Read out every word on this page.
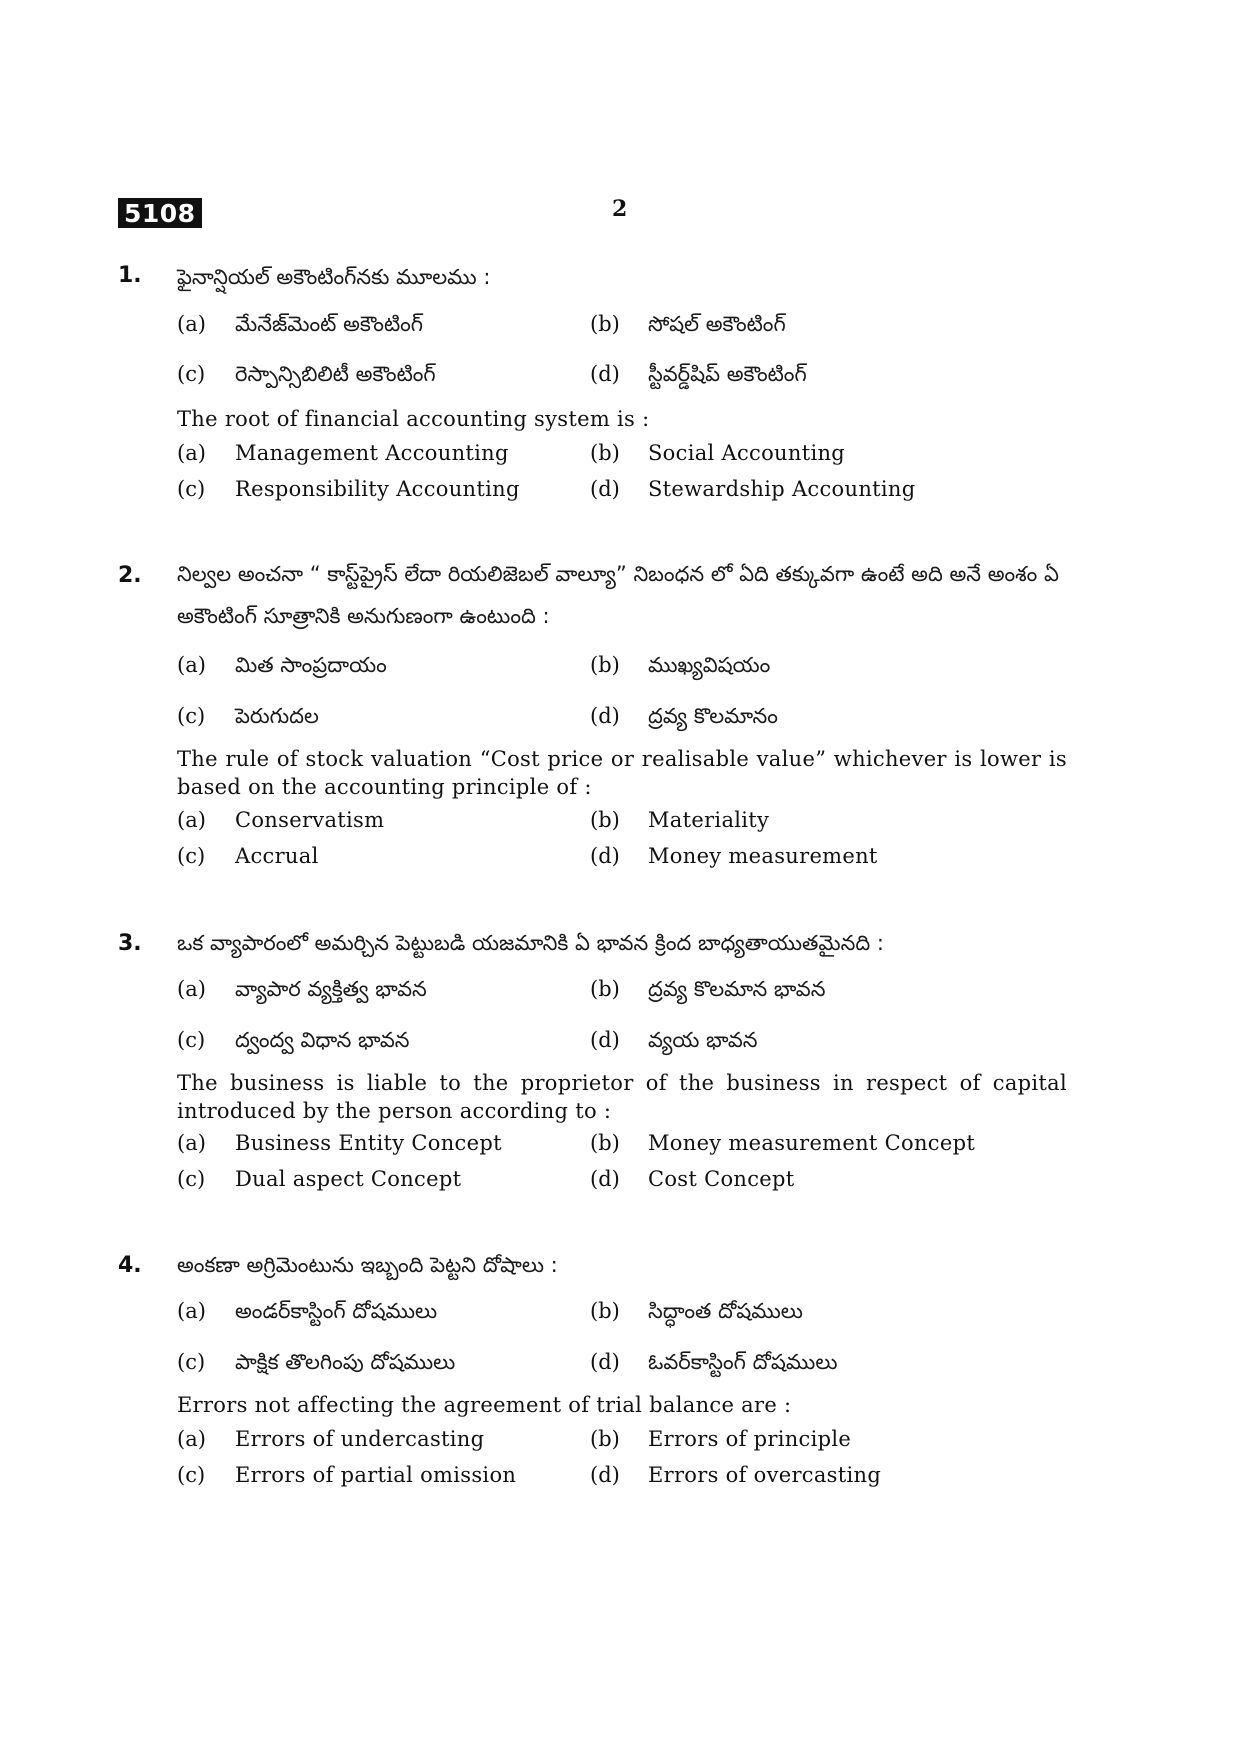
5108	2
1. ఫైనాన్షియల్ అకౌంటింగ్‌నకు మూలము :
(a) మేనేజ్‌మెంట్ అకౌంటింగ్	(b) సోషల్ అకౌంటింగ్
(c) రెస్పాన్సిబిలిటీ అకౌంటింగ్	(d) స్టీవర్డ్‌షిప్ అకౌంటింగ్
The root of financial accounting system is :
(a) Management Accounting	(b) Social Accounting
(c) Responsibility Accounting	(d) Stewardship Accounting
2. నిల్వల అంచనా “ కాస్ట్‌ప్రైస్ లేదా రియలిజెబల్ వాల్యూ” నిబంధన లో ఏది తక్కువగా ఉంటే అది అనే అంశం ఏ అకౌంటింగ్ సూత్రానికి అనుగుణంగా ఉంటుంది :
(a) మిత సాంప్రదాయం	(b) ముఖ్యవిషయం
(c) పెరుగుదల	(d) ద్రవ్య కొలమానం
The rule of stock valuation “Cost price or realisable value” whichever is lower is based on the accounting principle of :
(a) Conservatism	(b) Materiality
(c) Accrual	(d) Money measurement
3. ఒక వ్యాపారంలో అమర్చిన పెట్టుబడి యజమానికి ఏ భావన క్రింద బాధ్యతాయుతమైనది :
(a) వ్యాపార వ్యక్తిత్వ భావన	(b) ద్రవ్య కొలమాన భావన
(c) ద్వంద్వ విధాన భావన	(d) వ్యయ భావన
The business is liable to the proprietor of the business in respect of capital introduced by the person according to :
(a) Business Entity Concept	(b) Money measurement Concept
(c) Dual aspect Concept	(d) Cost Concept
4. అంకణా అగ్రిమెంటును ఇబ్బంది పెట్టని దోషాలు :
(a) అండర్‌కాస్టింగ్ దోషములు	(b) సిద్ధాంత దోషములు
(c) పాక్షిక తొలగింపు దోషములు	(d) ఓవర్‌కాస్టింగ్ దోషములు
Errors not affecting the agreement of trial balance are :
(a) Errors of undercasting	(b) Errors of principle
(c) Errors of partial omission	(d) Errors of overcasting
